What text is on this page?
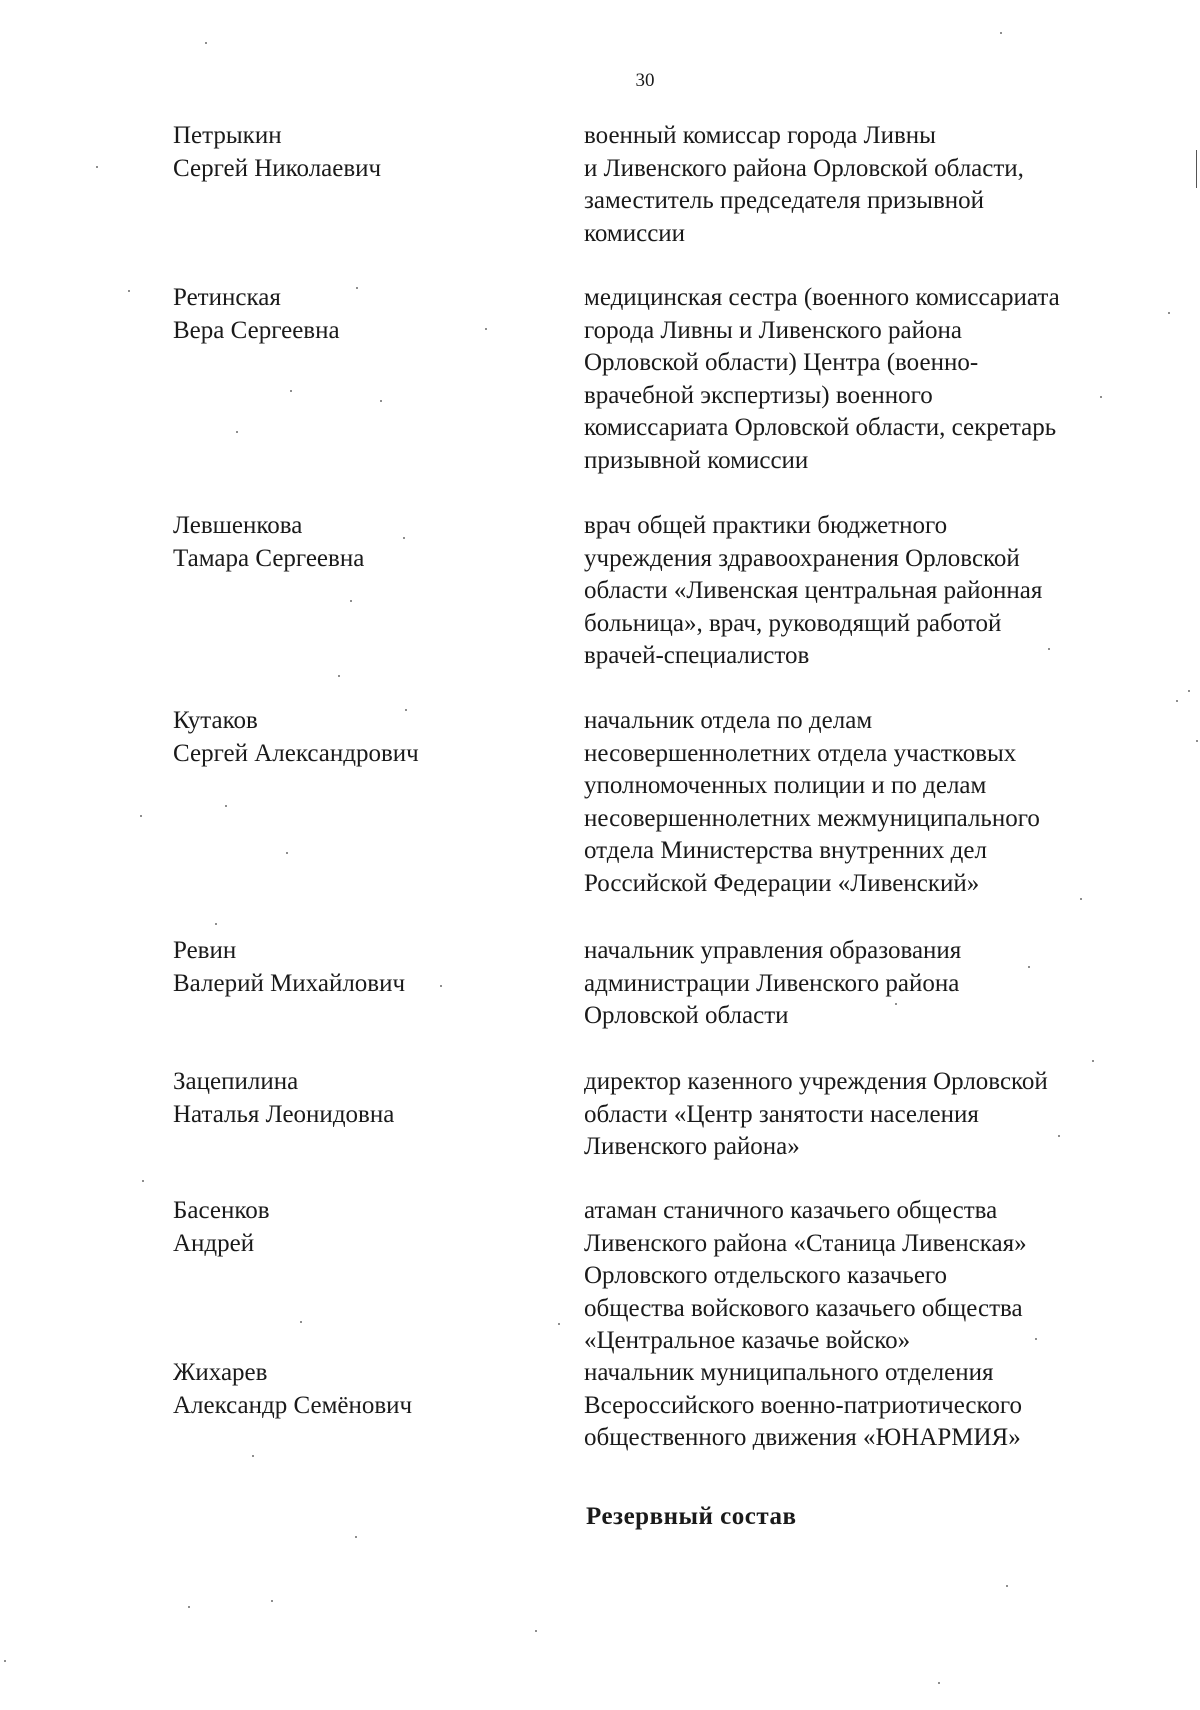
30
Петрыкин
Сергей Николаевич
военный комиссар города Ливны
и Ливенского района Орловской области,
заместитель председателя призывной
комиссии
Ретинская
Вера Сергеевна
медицинская сестра (военного комиссариата
города Ливны и Ливенского района
Орловской области) Центра (военно-
врачебной экспертизы) военного
комиссариата Орловской области, секретарь
призывной комиссии
Левшенкова
Тамара Сергеевна
врач общей практики бюджетного
учреждения здравоохранения Орловской
области «Ливенская центральная районная
больница», врач, руководящий работой
врачей-специалистов
Кутаков
Сергей Александрович
начальник отдела по делам
несовершеннолетних отдела участковых
уполномоченных полиции и по делам
несовершеннолетних межмуниципального
отдела Министерства внутренних дел
Российской Федерации «Ливенский»
Ревин
Валерий Михайлович
начальник управления образования
администрации Ливенского района
Орловской области
Зацепилина
Наталья Леонидовна
директор казенного учреждения Орловской
области «Центр занятости населения
Ливенского района»
Басенков
Андрей
атаман станичного казачьего общества
Ливенского района «Станица Ливенская»
Орловского отдельского казачьего
общества войскового казачьего общества
«Центральное казачье войско»
Жихарев
Александр Семёнович
начальник муниципального отделения
Всероссийского военно-патриотического
общественного движения «ЮНАРМИЯ»
Резервный состав
